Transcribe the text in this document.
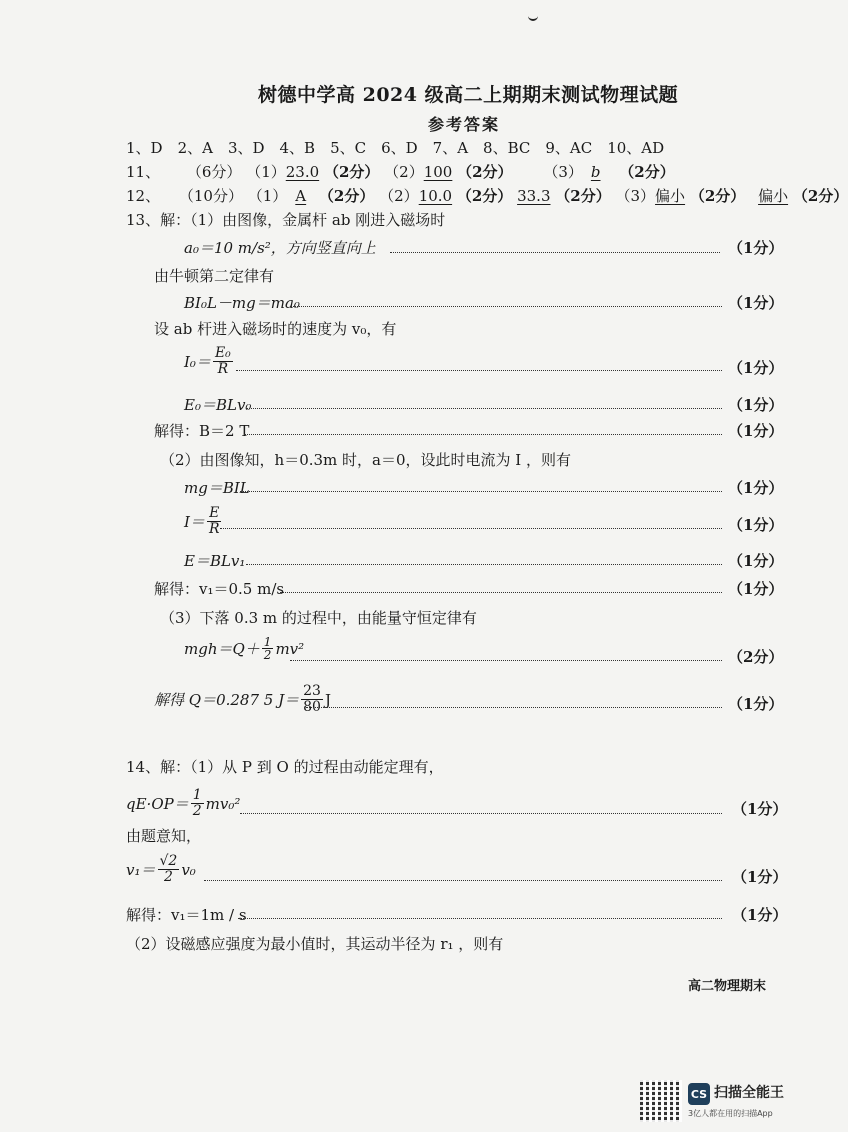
树德中学高 2024 级高二上期期末测试物理试题
参考答案
1、D　2、A　3、D　4、B　5、C　6、D　7、A　8、BC　9、AC　10、AD
11、 （6分） （1）23.0 （2分） （2）100 （2分） （3） b （2分）
12、 （10分） （1） A （2分） （2）10.0 （2分） 33.3 （2分） （3）偏小 （2分） 偏小 （2分）
13、解：（1）由图像，金属杆 ab 刚进入磁场时
a₀＝10 m/s²，方向竖直向上	（1分）
由牛顿第二定律有
BI₀L－mg＝ma₀	（1分）
设 ab 杆进入磁场时的速度为 v₀，有
$I_0= \frac{\text{E₀}}{R}$	（1分）
E₀＝BLv₀	（1分）
解得：B＝2 T	（1分）
（2）由图像知，h＝0.3m 时，a＝0，设此时电流为 I ，则有
mg＝BIL	（1分）
$I= \frac{E}{R}$	（1分）
E＝BLv₁	（1分）
解得：v₁＝0.5 m/s	（1分）
（3）下落 0.3 m 的过程中，由能量守恒定律有
$mgh=Q+ \frac{1}{2} mv^2$	（2分）
解得 Q＝0.287 5 $J= \frac{23}{80}$ J	（1分）
14、解：（1）从 P 到 O 的过程由动能定理有，
$qE\cdot OP= \frac{1}{2} mv_0^2$	（1分）
由题意知，
$v_1= \frac{√2}{2} v_0$	（1分）
解得：v₁＝1m / s	（1分）
（2）设磁感应强度为最小值时，其运动半径为 r₁ ，则有
高二物理期末
CS 扫描全能王
3亿人都在用的扫描App
